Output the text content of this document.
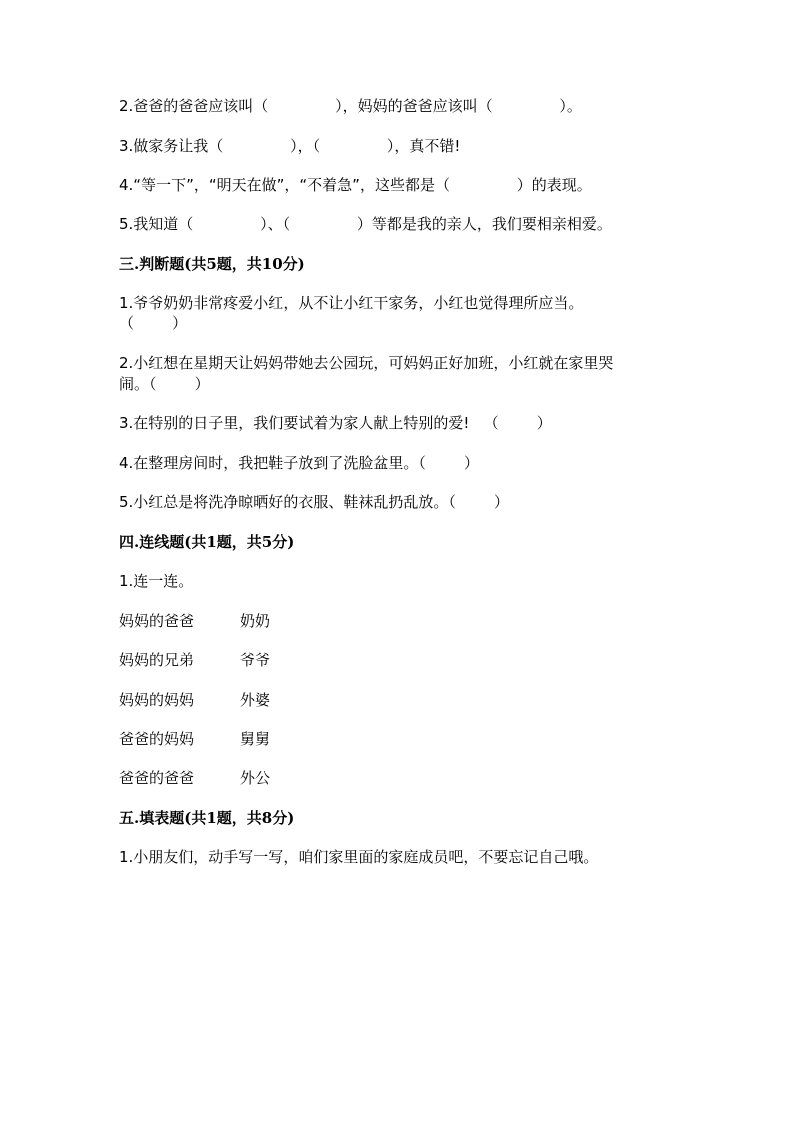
2.爸爸的爸爸应该叫（              ），妈妈的爸爸应该叫（              ）。
3.做家务让我（              ），（              ），真不错!
4.“等一下”，“明天在做”，“不着急”，这些都是（              ）的表现。
5.我知道（              ）、（              ）等都是我的亲人，我们要相亲相爱。
三.判断题(共5题，共10分)
1.爷爷奶奶非常疼爱小红，从不让小红干家务，小红也觉得理所应当。
（        ）
2.小红想在星期天让妈妈带她去公园玩，可妈妈正好加班，小红就在家里哭
闹。（        ）
3.在特别的日子里，我们要试着为家人献上特别的爱!   （        ）
4.在整理房间时，我把鞋子放到了洗脸盆里。（        ）
5.小红总是将洗净晾晒好的衣服、鞋袜乱扔乱放。（        ）
四.连线题(共1题，共5分)
1.连一连。
妈妈的爸爸	奶奶
妈妈的兄弟	爷爷
妈妈的妈妈	外婆
爸爸的妈妈	舅舅
爸爸的爸爸	外公
五.填表题(共1题，共8分)
1.小朋友们，动手写一写，咱们家里面的家庭成员吧，不要忘记自己哦。
